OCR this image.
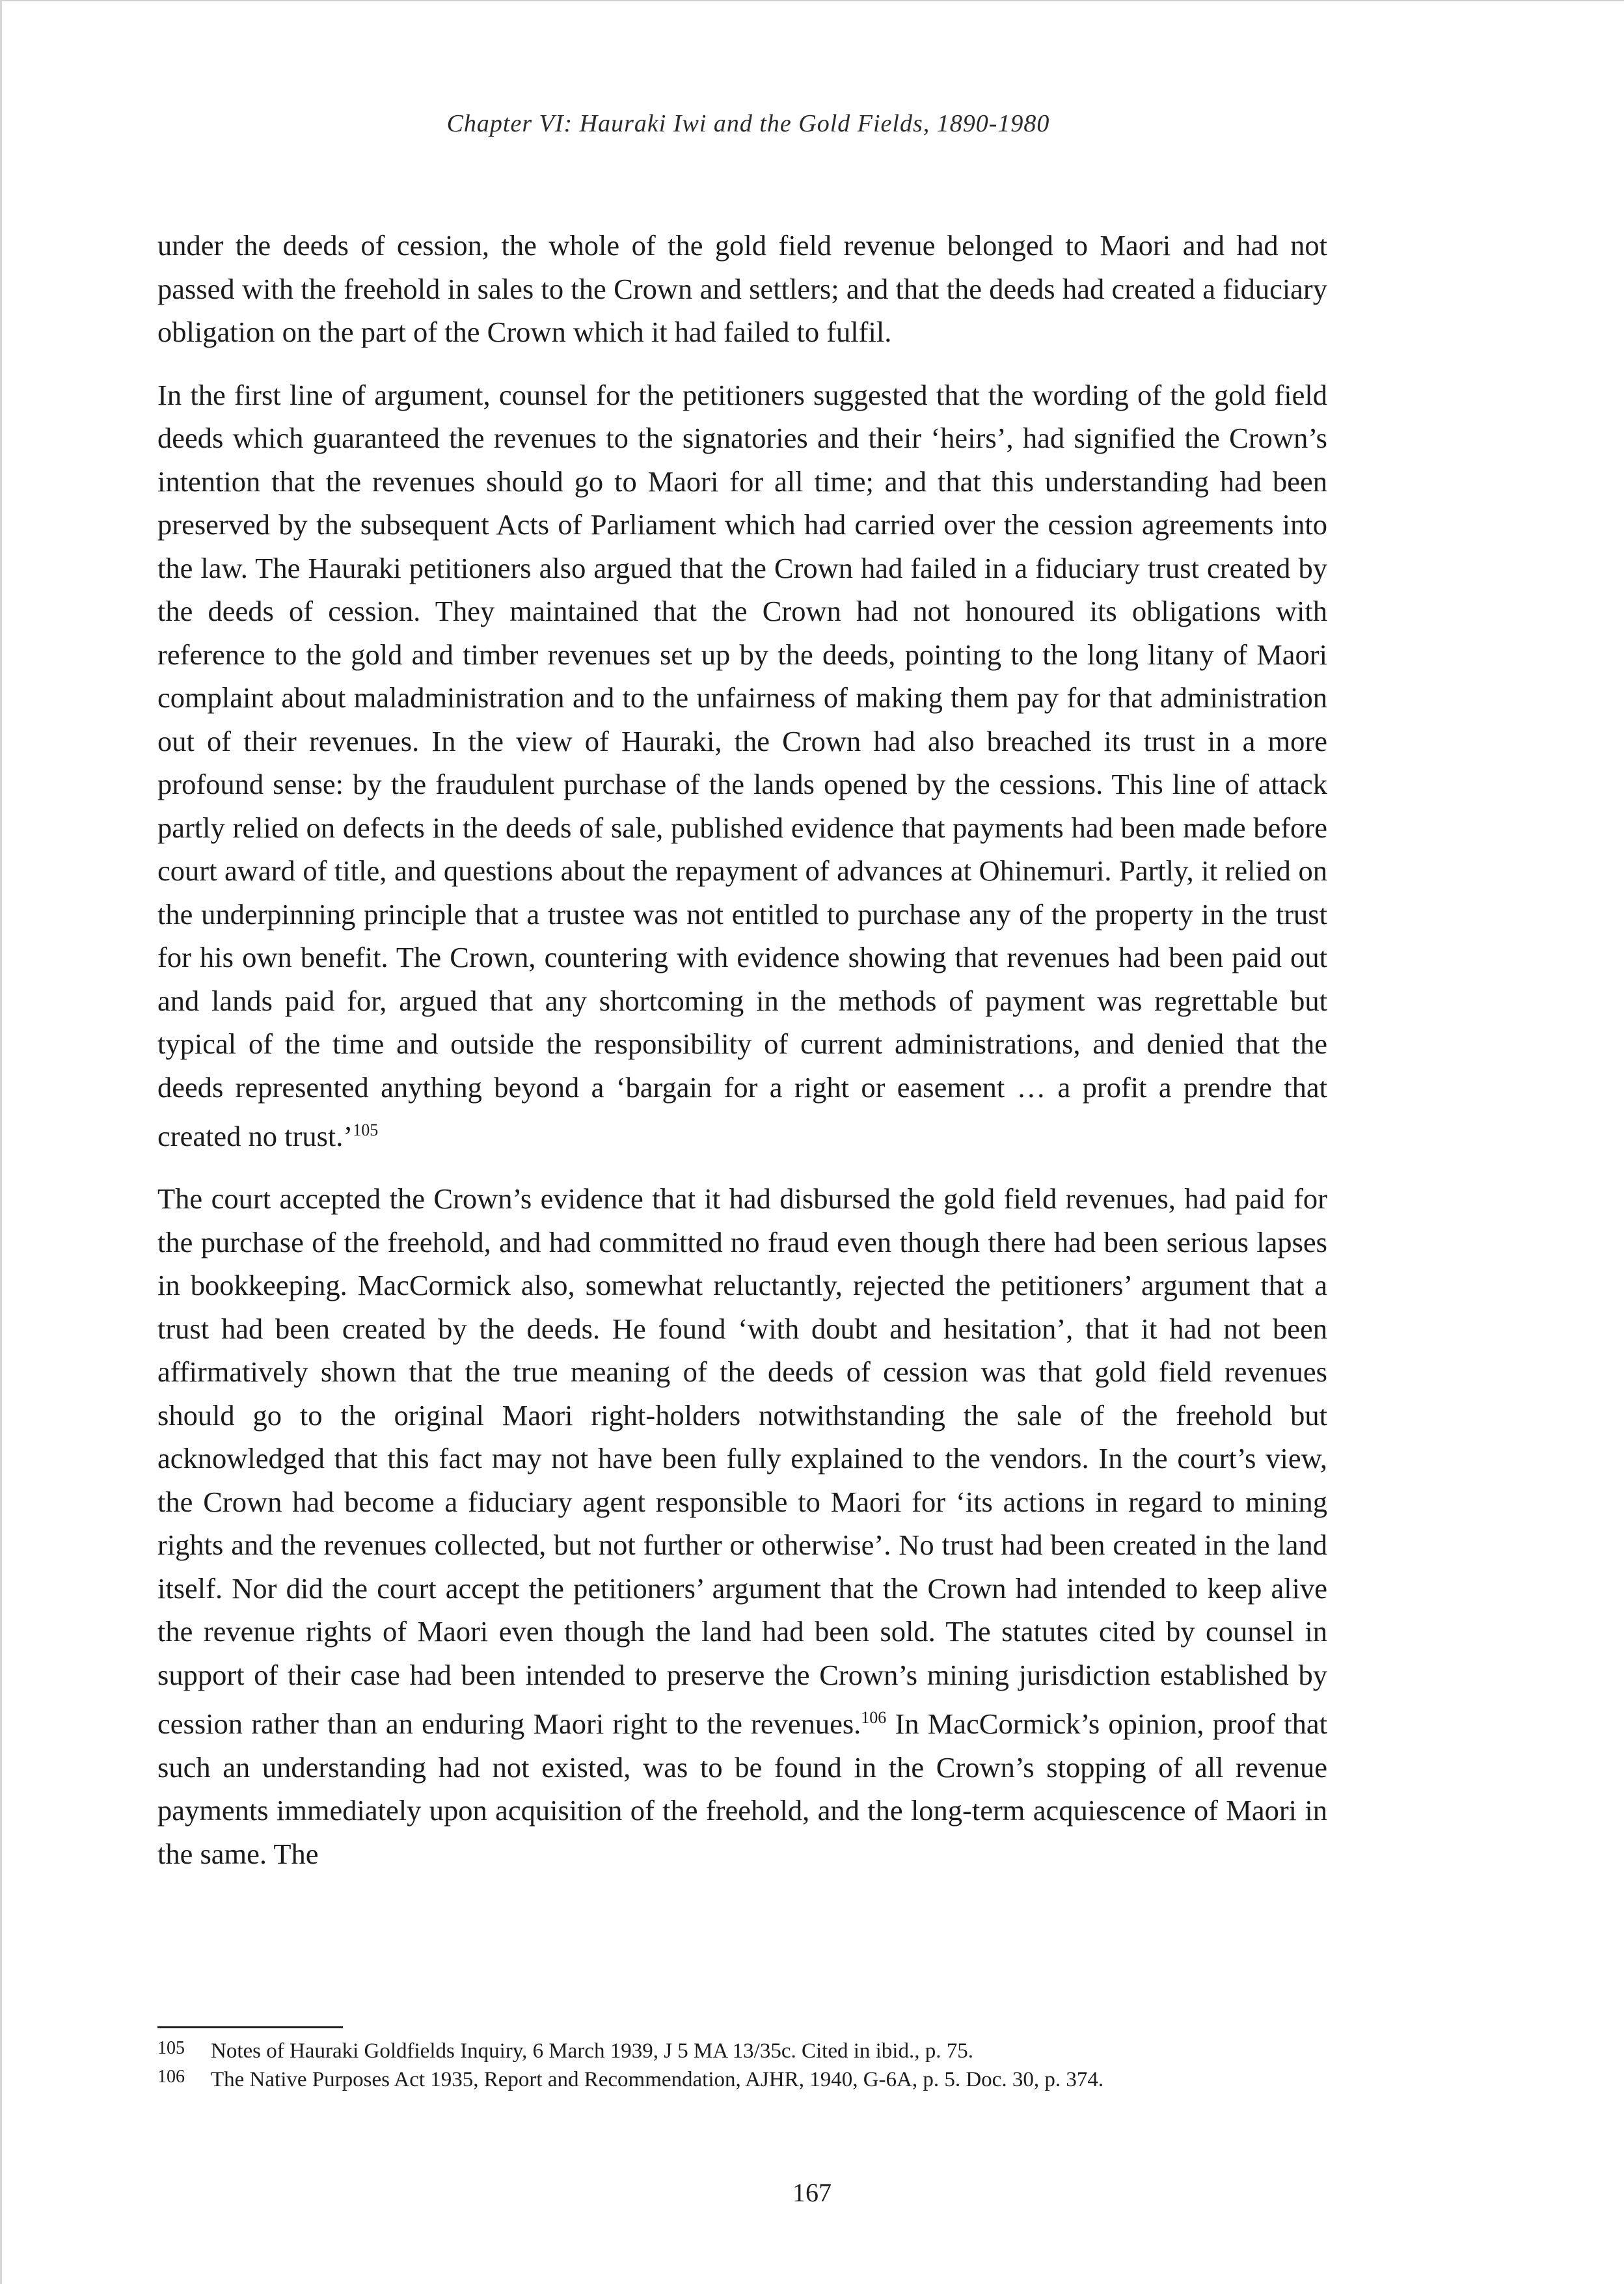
Chapter VI: Hauraki Iwi and the Gold Fields, 1890-1980

under the deeds of cession, the whole of the gold field revenue belonged to Maori and had not passed with the freehold in sales to the Crown and settlers; and that the deeds had created a fiduciary obligation on the part of the Crown which it had failed to fulfil.

In the first line of argument, counsel for the petitioners suggested that the wording of the gold field deeds which guaranteed the revenues to the signatories and their ‘heirs’, had signified the Crown’s intention that the revenues should go to Maori for all time; and that this understanding had been preserved by the subsequent Acts of Parliament which had carried over the cession agreements into the law. The Hauraki petitioners also argued that the Crown had failed in a fiduciary trust created by the deeds of cession. They maintained that the Crown had not honoured its obligations with reference to the gold and timber revenues set up by the deeds, pointing to the long litany of Maori complaint about maladministration and to the unfairness of making them pay for that administration out of their revenues. In the view of Hauraki, the Crown had also breached its trust in a more profound sense: by the fraudulent purchase of the lands opened by the cessions. This line of attack partly relied on defects in the deeds of sale, published evidence that payments had been made before court award of title, and questions about the repayment of advances at Ohinemuri. Partly, it relied on the underpinning principle that a trustee was not entitled to purchase any of the property in the trust for his own benefit. The Crown, countering with evidence showing that revenues had been paid out and lands paid for, argued that any shortcoming in the methods of payment was regrettable but typical of the time and outside the responsibility of current administrations, and denied that the deeds represented anything beyond a ‘bargain for a right or easement … a profit a prendre that created no trust.’$^{105}$

The court accepted the Crown’s evidence that it had disbursed the gold field revenues, had paid for the purchase of the freehold, and had committed no fraud even though there had been serious lapses in bookkeeping. MacCormick also, somewhat reluctantly, rejected the petitioners’ argument that a trust had been created by the deeds. He found ‘with doubt and hesitation’, that it had not been affirmatively shown that the true meaning of the deeds of cession was that gold field revenues should go to the original Maori right-holders notwithstanding the sale of the freehold but acknowledged that this fact may not have been fully explained to the vendors. In the court’s view, the Crown had become a fiduciary agent responsible to Maori for ‘its actions in regard to mining rights and the revenues collected, but not further or otherwise’. No trust had been created in the land itself. Nor did the court accept the petitioners’ argument that the Crown had intended to keep alive the revenue rights of Maori even though the land had been sold. The statutes cited by counsel in support of their case had been intended to preserve the Crown’s mining jurisdiction established by cession rather than an enduring Maori right to the revenues.$^{106}$ In MacCormick’s opinion, proof that such an understanding had not existed, was to be found in the Crown’s stopping of all revenue payments immediately upon acquisition of the freehold, and the long-term acquiescence of Maori in the same. The

105	Notes of Hauraki Goldfields Inquiry, 6 March 1939, J 5 MA 13/35c. Cited in ibid., p. 75.
106	The Native Purposes Act 1935, Report and Recommendation, AJHR, 1940, G-6A, p. 5. Doc. 30, p. 374.
167
